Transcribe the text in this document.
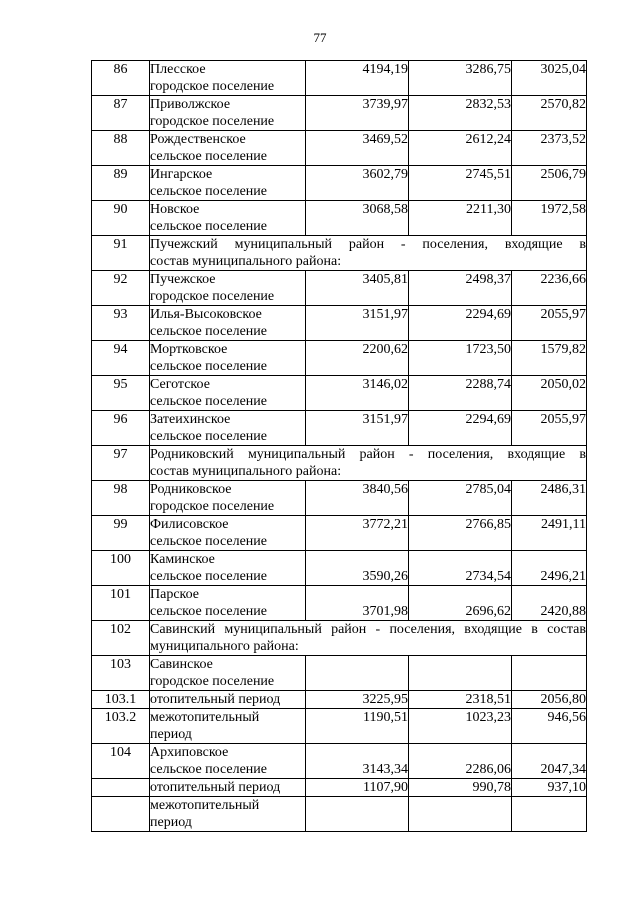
77
86	Плесское
городское поселение	4194,19	3286,75	3025,04
87	Приволжское
городское поселение	3739,97	2832,53	2570,82
88	Рождественское
сельское поселение	3469,52	2612,24	2373,52
89	Ингарское
сельское поселение	3602,79	2745,51	2506,79
90	Новское
сельское поселение	3068,58	2211,30	1972,58
91	Пучежский муниципальный район - поселения, входящие в
состав муниципального района:			

92	Пучежское
городское поселение	3405,81	2498,37	2236,66
93	Илья-Высоковское
сельское поселение	3151,97	2294,69	2055,97
94	Мортковское
сельское поселение	2200,62	1723,50	1579,82
95	Сеготское
сельское поселение	3146,02	2288,74	2050,02
96	Затеихинское
сельское поселение	3151,97	2294,69	2055,97
97	Родниковский муниципальный район - поселения, входящие в
состав муниципального района:			

98	Родниковское
городское поселение	3840,56	2785,04	2486,31
99	Филисовское
сельское поселение	3772,21	2766,85	2491,11
100	Каминское
сельское поселение	3590,26	2734,54	2496,21
101	Парское
сельское поселение	3701,98	2696,62	2420,88
102	Савинский муниципальный район - поселения, входящие в состав
муниципального района:			

103	Савинское
городское поселение			

103.1	отопительный период	3225,95	2318,51	2056,80
103.2	межотопительный
период	1190,51	1023,23	946,56
104	Архиповское
сельское поселение	3143,34	2286,06	2047,34

	отопительный период	1107,90	990,78	937,10

	межотопительный
период			
